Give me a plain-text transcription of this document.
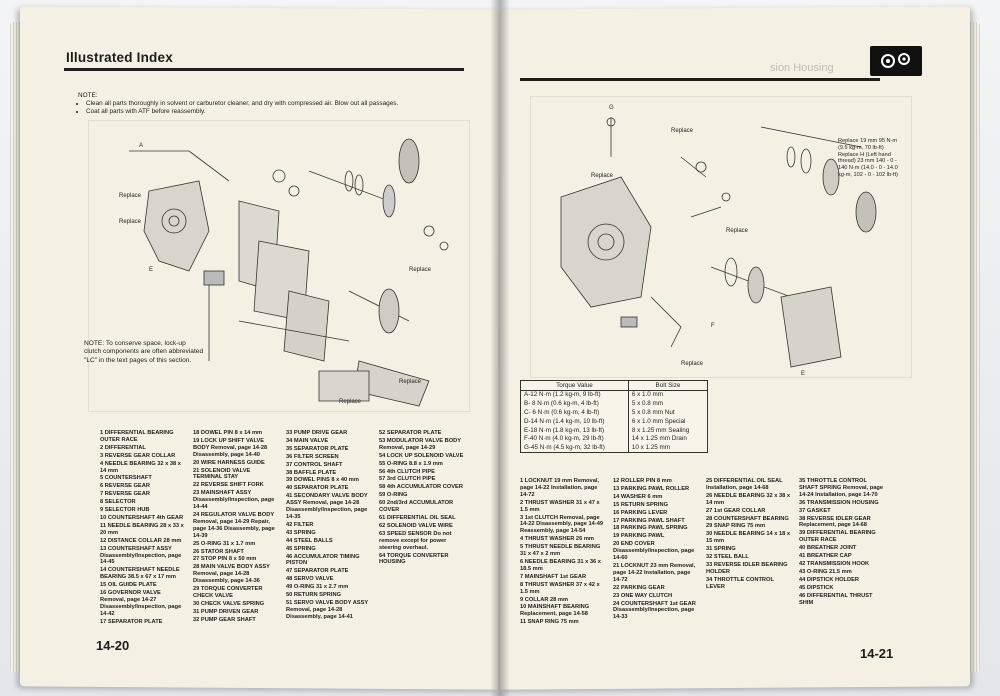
Illustrated Index
NOTE:
• Clean all parts thoroughly in solvent or carburetor cleaner, and dry with compressed air. Blow out all passages.
• Coat all parts with ATF before reassembly.
Replace
Replace
Replace
Replace
Replace
A
E
NOTE: To conserve space, lock-up clutch components are often abbreviated "LC" in the text pages of this section.
1 DIFFERENTIAL BEARING OUTER RACE
2 DIFFERENTIAL
3 REVERSE GEAR COLLAR
4 NEEDLE BEARING 32 x 38 x 14 mm
5 COUNTERSHAFT
6 REVERSE GEAR
7 REVERSE GEAR
8 SELECTOR
9 SELECTOR HUB
10 COUNTERSHAFT 4th GEAR
11 NEEDLE BEARING 28 x 33 x 20 mm
12 DISTANCE COLLAR 28 mm
13 COUNTERSHAFT ASSY Disassembly/Inspection, page 14-45
14 COUNTERSHAFT NEEDLE BEARING 38.5 x 67 x 17 mm
15 OIL GUIDE PLATE
16 GOVERNOR VALVE Removal, page 14-27 Disassembly/Inspection, page 14-42
17 SEPARATOR PLATE
18 DOWEL PIN 8 x 14 mm
19 LOCK UP SHIFT VALVE BODY Removal, page 14-28 Disassembly, page 14-40
20 WIRE HARNESS GUIDE
21 SOLENOID VALVE TERMINAL STAY
22 REVERSE SHIFT FORK
23 MAINSHAFT ASSY Disassembly/Inspection, page 14-44
24 REGULATOR VALVE BODY Removal, page 14-29 Repair, page 14-36 Disassembly, page 14-39
25 O-RING 31 x 1.7 mm
26 STATOR SHAFT
27 STOP PIN 8 x 50 mm
28 MAIN VALVE BODY ASSY Removal, page 14-28 Disassembly, page 14-36
29 TORQUE CONVERTER CHECK VALVE
30 CHECK VALVE SPRING
31 PUMP DRIVEN GEAR
32 PUMP GEAR SHAFT
33 PUMP DRIVE GEAR
34 MAIN VALVE
35 SEPARATOR PLATE
36 FILTER SCREEN
37 CONTROL SHAFT
38 BAFFLE PLATE
39 DOWEL PINS 8 x 40 mm
40 SEPARATOR PLATE
41 SECONDARY VALVE BODY ASSY Removal, page 14-28 Disassembly/Inspection, page 14-35
42 FILTER
43 SPRING
44 STEEL BALLS
45 SPRING
46 ACCUMULATOR TIMING PISTON
47 SEPARATOR PLATE
48 SERVO VALVE
49 O-RING 31 x 2.7 mm
50 RETURN SPRING
51 SERVO VALVE BODY ASSY Removal, page 14-28 Disassembly, page 14-41
52 SEPARATOR PLATE
53 MODULATOR VALVE BODY Removal, page 14-29
54 LOCK UP SOLENOID VALVE
55 O-RING 8.8 x 1.9 mm
56 4th CLUTCH PIPE
57 3rd CLUTCH PIPE
58 4th ACCUMULATOR COVER
59 O-RING
60 2nd/3rd ACCUMULATOR COVER
61 DIFFERENTIAL OIL SEAL
62 SOLENOID VALVE WIRE
63 SPEED SENSOR Do not remove except for power steering overhaul.
64 TORQUE CONVERTER HOUSING
14-20
sion Housing
Replace
Replace
Replace
Replace
G
F
E
Replace 19 mm 95 N·m (9.5 kg-m, 70 lb-ft) Replace H (Left hand thread) 23 mm 140 - 0 - 140 N·m (14.0 - 0 - 14.0 kg-m, 102 - 0 - 102 lb-ft)
Torque Value	Bolt Size
A-12 N·m (1.2 kg-m, 9 lb-ft)	6 x 1.0 mm
B- 8 N·m (0.6 kg-m, 4 lb-ft)	5 x 0.8 mm
C- 6 N·m (0.6 kg-m, 4 lb-ft)	5 x 0.8 mm Nut
D-14 N·m (1.4 kg-m, 10 lb-ft)	6 x 1.0 mm Special
E-18 N·m (1.8 kg-m, 13 lb-ft)	8 x 1.25 mm Sealing
F-40 N·m (4.0 kg-m, 29 lb-ft)	14 x 1.25 mm Drain
G-45 N·m (4.5 kg-m, 32 lb-ft)	10 x 1.25 mm
1 LOCKNUT 19 mm Removal, page 14-22 Installation, page 14-72
2 THRUST WASHER 31 x 47 x 1.5 mm
3 1st CLUTCH Removal, page 14-22 Disassembly, page 14-49 Reassembly, page 14-54
4 THRUST WASHER 26 mm
5 THRUST NEEDLE BEARING 31 x 47 x 2 mm
6 NEEDLE BEARING 31 x 36 x 18.5 mm
7 MAINSHAFT 1st GEAR
8 THRUST WASHER 37 x 42 x 1.5 mm
9 COLLAR 28 mm
10 MAINSHAFT BEARING Replacement, page 14-58
11 SNAP RING 75 mm
12 ROLLER PIN 8 mm
13 PARKING PAWL ROLLER
14 WASHER 6 mm
15 RETURN SPRING
16 PARKING LEVER
17 PARKING PAWL SHAFT
18 PARKING PAWL SPRING
19 PARKING PAWL
20 END COVER Disassembly/Inspection, page 14-60
21 LOCKNUT 23 mm Removal, page 14-22 Installation, page 14-72
22 PARKING GEAR
23 ONE WAY CLUTCH
24 COUNTERSHAFT 1st GEAR Disassembly/Inspection, page 14-33
25 DIFFERENTIAL OIL SEAL Installation, page 14-68
26 NEEDLE BEARING 32 x 38 x 14 mm
27 1st GEAR COLLAR
28 COUNTERSHAFT BEARING
29 SNAP RING 75 mm
30 NEEDLE BEARING 14 x 18 x 15 mm
31 SPRING
32 STEEL BALL
33 REVERSE IDLER BEARING HOLDER
34 THROTTLE CONTROL LEVER
35 THROTTLE CONTROL SHAFT SPRING Removal, page 14-24 Installation, page 14-70
36 TRANSMISSION HOUSING
37 GASKET
38 REVERSE IDLER GEAR Replacement, page 14-68
39 DIFFERENTIAL BEARING OUTER RACE
40 BREATHER JOINT
41 BREATHER CAP
42 TRANSMISSION HOOK
43 O-RING 21.5 mm
44 DIPSTICK HOLDER
45 DIPSTICK
46 DIFFERENTIAL THRUST SHIM
14-21
